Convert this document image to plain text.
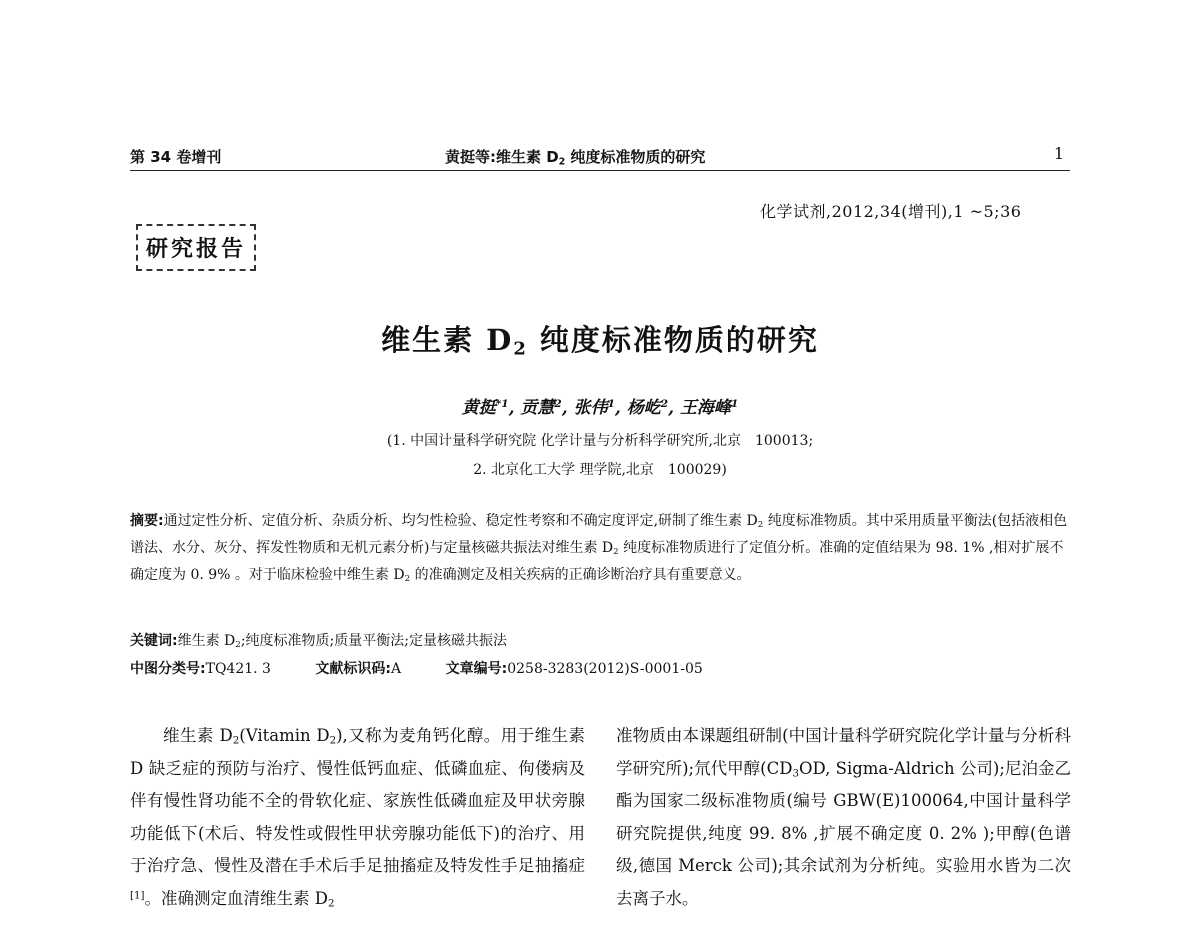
第 34 卷增刊	黄挺等:维生素 $D_2$ 纯度标准物质的研究	1
化学试剂,2012,34(增刊),1 ~5;36
研究报告
维生素 $D_2$ 纯度标准物质的研究
黄挺$^{*1}$, 贡慧$^2$, 张伟$^1$, 杨屹$^2$, 王海峰$^1$
(1. 中国计量科学研究院 化学计量与分析科学研究所,北京　100013;
2. 北京化工大学 理学院,北京　100029)
摘要:通过定性分析、定值分析、杂质分析、均匀性检验、稳定性考察和不确定度评定,研制了维生素 $D_2$ 纯度标准物质。其中采用质量平衡法(包括液相色谱法、水分、灰分、挥发性物质和无机元素分析)与定量核磁共振法对维生素 $D_2$ 纯度标准物质进行了定值分析。准确的定值结果为 98. 1% ,相对扩展不确定度为 0. 9% 。对于临床检验中维生素 $D_2$ 的准确测定及相关疾病的正确诊断治疗具有重要意义。
关键词:维生素 $D_2$;纯度标准物质;质量平衡法;定量核磁共振法
中图分类号:TQ421. 3	文献标识码:A	文章编号:0258-3283(2012)S-0001-05
维生素 $D_2(Vitamin$ $D_2$),又称为麦角钙化醇。用于维生素 D 缺乏症的预防与治疗、慢性低钙血症、低磷血症、佝偻病及伴有慢性肾功能不全的骨软化症、家族性低磷血症及甲状旁腺功能低下(术后、特发性或假性甲状旁腺功能低下)的治疗、用于治疗急、慢性及潜在手术后手足抽搐症及特发性手足抽搐症[1]。准确测定血清维生素 $D_2$
准物质由本课题组研制(中国计量科学研究院化学计量与分析科学研究所);氘代甲醇($CD_3OD$, Sigma-Aldrich 公司);尼泊金乙酯为国家二级标准物质(编号 GBW(E)100064,中国计量科学研究院提供,纯度 99. 8% ,扩展不确定度 0. 2% );甲醇(色谱级,德国 Merck 公司);其余试剂为分析纯。实验用水皆为二次去离子水。
